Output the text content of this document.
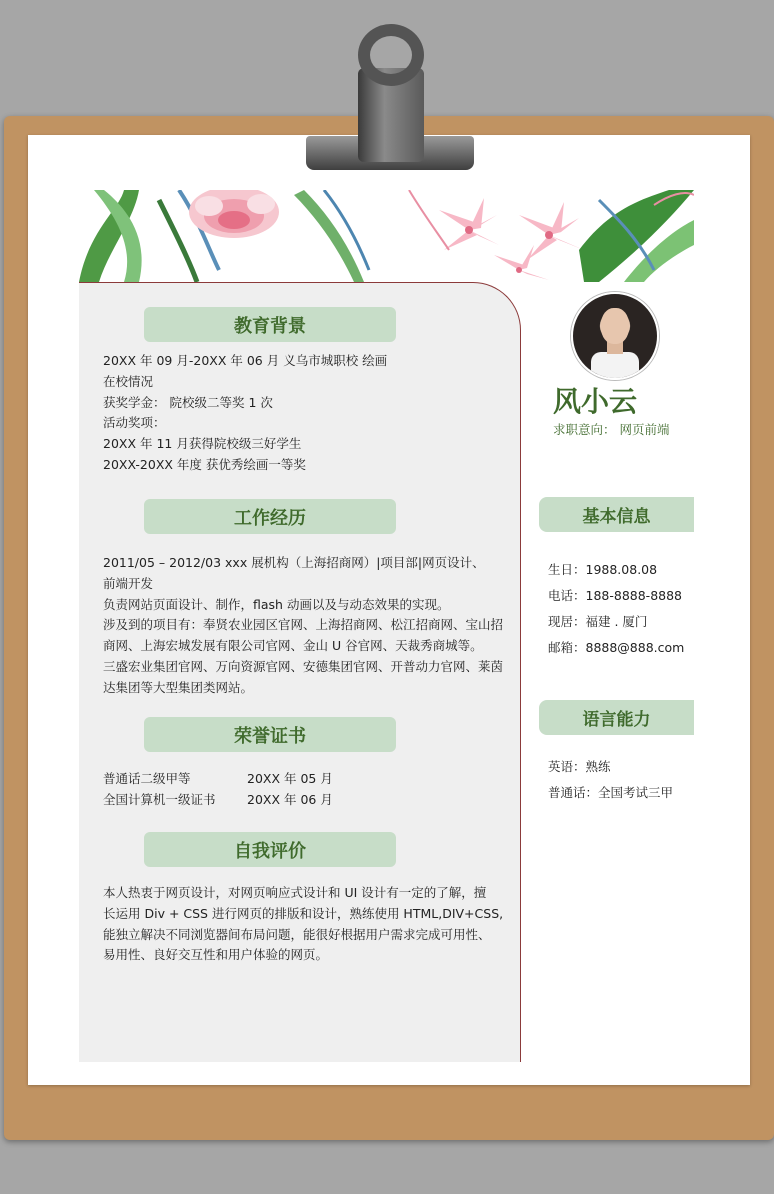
教育背景
20XX 年 09 月-20XX 年 06 月 义乌市城职校 绘画
在校情况
获奖学金： 院校级二等奖 1 次
活动奖项：
20XX 年 11 月获得院校级三好学生
20XX-20XX 年度 获优秀绘画一等奖
工作经历
2011/05 – 2012/03 xxx 展机构（上海招商网）|项目部|网页设计、
前端开发
负责网站页面设计、制作，flash 动画以及与动态效果的实现。
涉及到的项目有：奉贤农业园区官网、上海招商网、松江招商网、宝山招
商网、上海宏城发展有限公司官网、金山 U 谷官网、天裁秀商城等。
三盛宏业集团官网、万向资源官网、安德集团官网、开普动力官网、莱茵
达集团等大型集团类网站。
荣誉证书
普通话二级甲等	20XX 年 05 月
全国计算机一级证书	20XX 年 06 月
自我评价
本人热衷于网页设计，对网页响应式设计和 UI 设计有一定的了解，擅
长运用 Div + CSS 进行网页的排版和设计，熟练使用 HTML,DIV+CSS,
能独立解决不同浏览器间布局问题，能很好根据用户需求完成可用性、
易用性、良好交互性和用户体验的网页。
风小云
求职意向： 网页前端
基本信息
生日：1988.08.08
电话：188-8888-8888
现居：福建 . 厦门
邮箱：8888@888.com
语言能力
英语：熟练
普通话：全国考试三甲
